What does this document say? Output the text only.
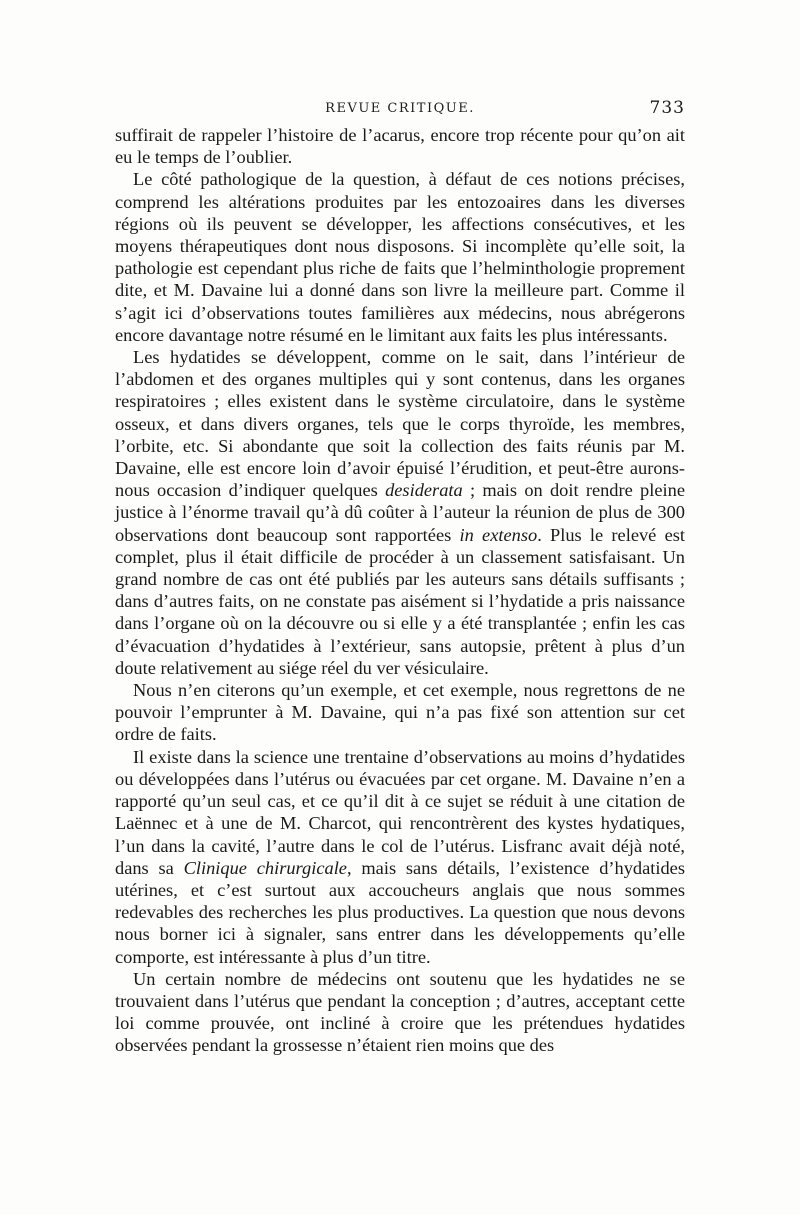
REVUE CRITIQUE.	733

suffirait de rappeler l’histoire de l’acarus, encore trop récente pour qu’on ait eu le temps de l’oublier.

Le côté pathologique de la question, à défaut de ces notions précises, comprend les altérations produites par les entozoaires dans les diverses régions où ils peuvent se développer, les affections consécutives, et les moyens thérapeutiques dont nous disposons. Si incomplète qu’elle soit, la pathologie est cependant plus riche de faits que l’helminthologie proprement dite, et M. Davaine lui a donné dans son livre la meilleure part. Comme il s’agit ici d’observations toutes familières aux médecins, nous abrégerons encore davantage notre résumé en le limitant aux faits les plus intéressants.

Les hydatides se développent, comme on le sait, dans l’intérieur de l’abdomen et des organes multiples qui y sont contenus, dans les organes respiratoires ; elles existent dans le système circulatoire, dans le système osseux, et dans divers organes, tels que le corps thyroïde, les membres, l’orbite, etc. Si abondante que soit la collection des faits réunis par M. Davaine, elle est encore loin d’avoir épuisé l’érudition, et peut-être aurons-nous occasion d’indiquer quelques desiderata ; mais on doit rendre pleine justice à l’énorme travail qu’à dû coûter à l’auteur la réunion de plus de 300 observations dont beaucoup sont rapportées in extenso. Plus le relevé est complet, plus il était difficile de procéder à un classement satisfaisant. Un grand nombre de cas ont été publiés par les auteurs sans détails suffisants ; dans d’autres faits, on ne constate pas aisément si l’hydatide a pris naissance dans l’organe où on la découvre ou si elle y a été transplantée ; enfin les cas d’évacuation d’hydatides à l’extérieur, sans autopsie, prêtent à plus d’un doute relativement au siége réel du ver vésiculaire.

Nous n’en citerons qu’un exemple, et cet exemple, nous regrettons de ne pouvoir l’emprunter à M. Davaine, qui n’a pas fixé son attention sur cet ordre de faits.

Il existe dans la science une trentaine d’observations au moins d’hydatides ou développées dans l’utérus ou évacuées par cet organe. M. Davaine n’en a rapporté qu’un seul cas, et ce qu’il dit à ce sujet se réduit à une citation de Laënnec et à une de M. Charcot, qui rencontrèrent des kystes hydatiques, l’un dans la cavité, l’autre dans le col de l’utérus. Lisfranc avait déjà noté, dans sa Clinique chirurgicale, mais sans détails, l’existence d’hydatides utérines, et c’est surtout aux accoucheurs anglais que nous sommes redevables des recherches les plus productives. La question que nous devons nous borner ici à signaler, sans entrer dans les développements qu’elle comporte, est intéressante à plus d’un titre.

Un certain nombre de médecins ont soutenu que les hydatides ne se trouvaient dans l’utérus que pendant la conception ; d’autres, acceptant cette loi comme prouvée, ont incliné à croire que les prétendues hydatides observées pendant la grossesse n’étaient rien moins que des
